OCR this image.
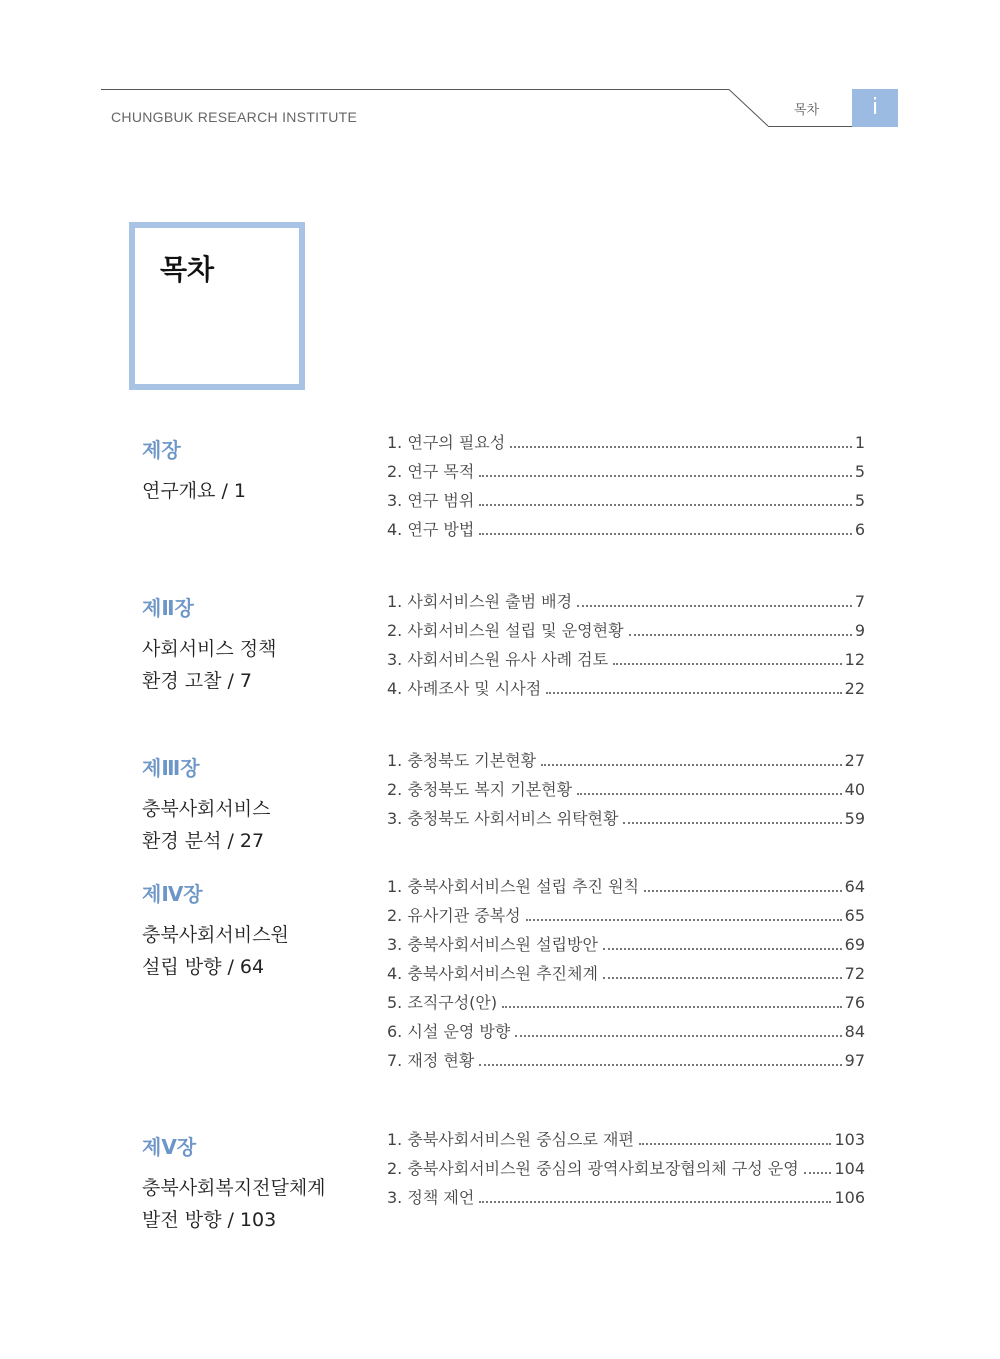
CHUNGBUK RESEARCH INSTITUTE	목차	i
목차
제장
연구개요 / 1
1. 연구의 필요성	1
2. 연구 목적	5
3. 연구 범위	5
4. 연구 방법	6
제Ⅱ장
사회서비스 정책
환경 고찰 / 7
1. 사회서비스원 출범 배경	7
2. 사회서비스원 설립 및 운영현황	9
3. 사회서비스원 유사 사례 검토	12
4. 사례조사 및 시사점	22
제Ⅲ장
충북사회서비스
환경 분석 / 27
1. 충청북도 기본현황	27
2. 충청북도 복지 기본현황	40
3. 충청북도 사회서비스 위탁현황	59
제Ⅳ장
충북사회서비스원
설립 방향 / 64
1. 충북사회서비스원 설립 추진 원칙	64
2. 유사기관 중복성	65
3. 충북사회서비스원 설립방안	69
4. 충북사회서비스원 추진체계	72
5. 조직구성(안)	76
6. 시설 운영 방향	84
7. 재정 현황	97
제Ⅴ장
충북사회복지전달체계
발전 방향 / 103
1. 충북사회서비스원 중심으로 재편	103
2. 충북사회서비스원 중심의 광역사회보장협의체 구성 운영	104
3. 정책 제언	106
